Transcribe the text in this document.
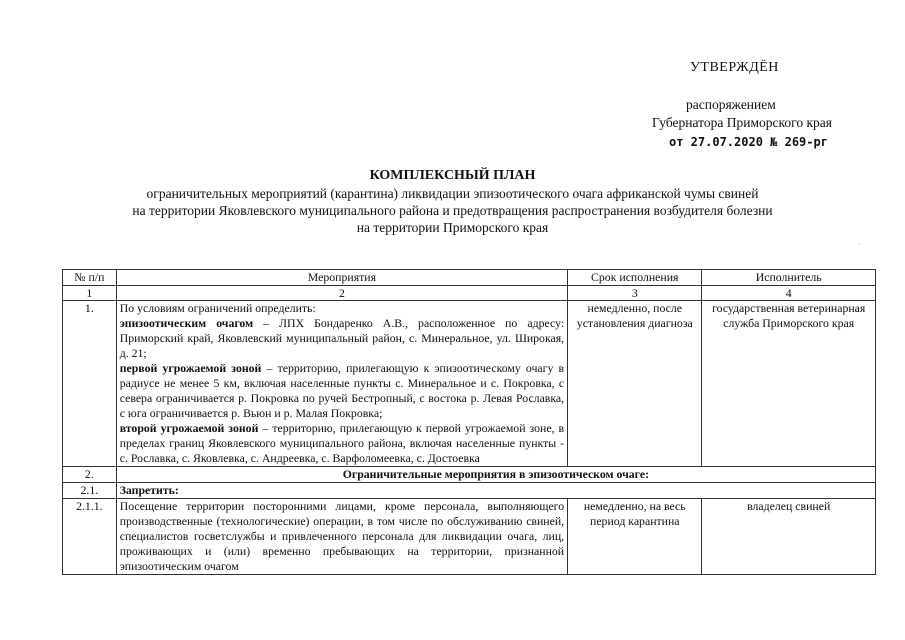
УТВЕРЖДЁН
распоряжением
Губернатора Приморского края
от 27.07.2020 № 269-рг
КОМПЛЕКСНЫЙ ПЛАН
ограничительных мероприятий (карантина) ликвидации эпизоотического очага африканской чумы свиней
на территории Яковлевского муниципального района и предотвращения распространения возбудителя болезни
на территории Приморского края
·
№ п/п	Мероприятия	Срок исполнения	Исполнитель
1	2	3	4
1.	По условиям ограничений определить:
эпизоотическим очагом – ЛПХ Бондаренко А.В., расположенное по адресу: Приморский край, Яковлевский муниципальный район, с. Минеральное, ул. Широкая, д. 21;
первой угрожаемой зоной – территорию, прилегающую к эпизоотическому очагу в радиусе не менее 5 км, включая населенные пункты с. Минеральное и с. Покровка, с севера ограничивается р. Покровка по ручей Бестропный, с востока р. Левая Рославка, с юга ограничивается р. Вьюн и р. Малая Покровка;
второй угрожаемой зоной – территорию, прилегающую к первой угрожаемой зоне, в пределах границ Яковлевского муниципального района, включая населенные пункты - с. Рославка, с. Яковлевка, с. Андреевка, с. Варфоломеевка, с. Достоевка	немедленно, после установления диагноза	государственная ветеринарная служба Приморского края
2.	Ограничительные мероприятия в эпизоотическом очаге:		
2.1.	Запретить:		
2.1.1.	Посещение территории посторонними лицами, кроме персонала, выполняющего производственные (технологические) операции, в том числе по обслуживанию свиней, специалистов госветслужбы и привлеченного персонала для ликвидации очага, лиц, проживающих и (или) временно пребывающих на территории, признанной эпизоотическим очагом	немедленно, на весь период карантина	владелец свиней
